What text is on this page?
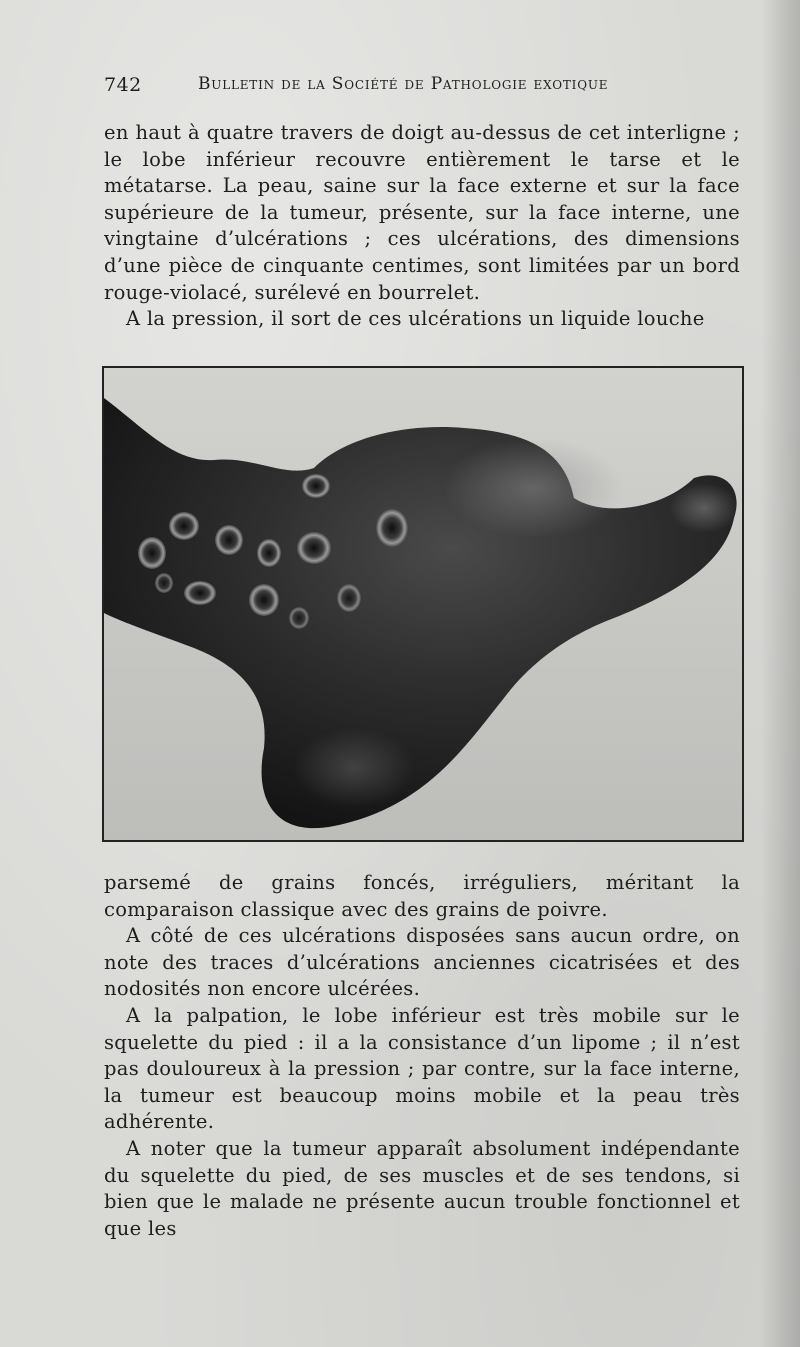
742	Bulletin de la Société de Pathologie exotique

en haut à quatre travers de doigt au-dessus de cet interligne ; le lobe inférieur recouvre entièrement le tarse et le métatarse. La peau, saine sur la face externe et sur la face supérieure de la tumeur, présente, sur la face interne, une vingtaine d’ulcérations ; ces ulcérations, des dimensions d’une pièce de cinquante centimes, sont limitées par un bord rouge-violacé, surélevé en bourrelet.

A la pression, il sort de ces ulcérations un liquide louche

parsemé de grains foncés, irréguliers, méritant la comparaison classique avec des grains de poivre.

A côté de ces ulcérations disposées sans aucun ordre, on note des traces d’ulcérations anciennes cicatrisées et des nodosités non encore ulcérées.

A la palpation, le lobe inférieur est très mobile sur le squelette du pied : il a la consistance d’un lipome ; il n’est pas douloureux à la pression ; par contre, sur la face interne, la tumeur est beaucoup moins mobile et la peau très adhérente.

A noter que la tumeur apparaît absolument indépendante du squelette du pied, de ses muscles et de ses tendons, si bien que le malade ne présente aucun trouble fonctionnel et que les
